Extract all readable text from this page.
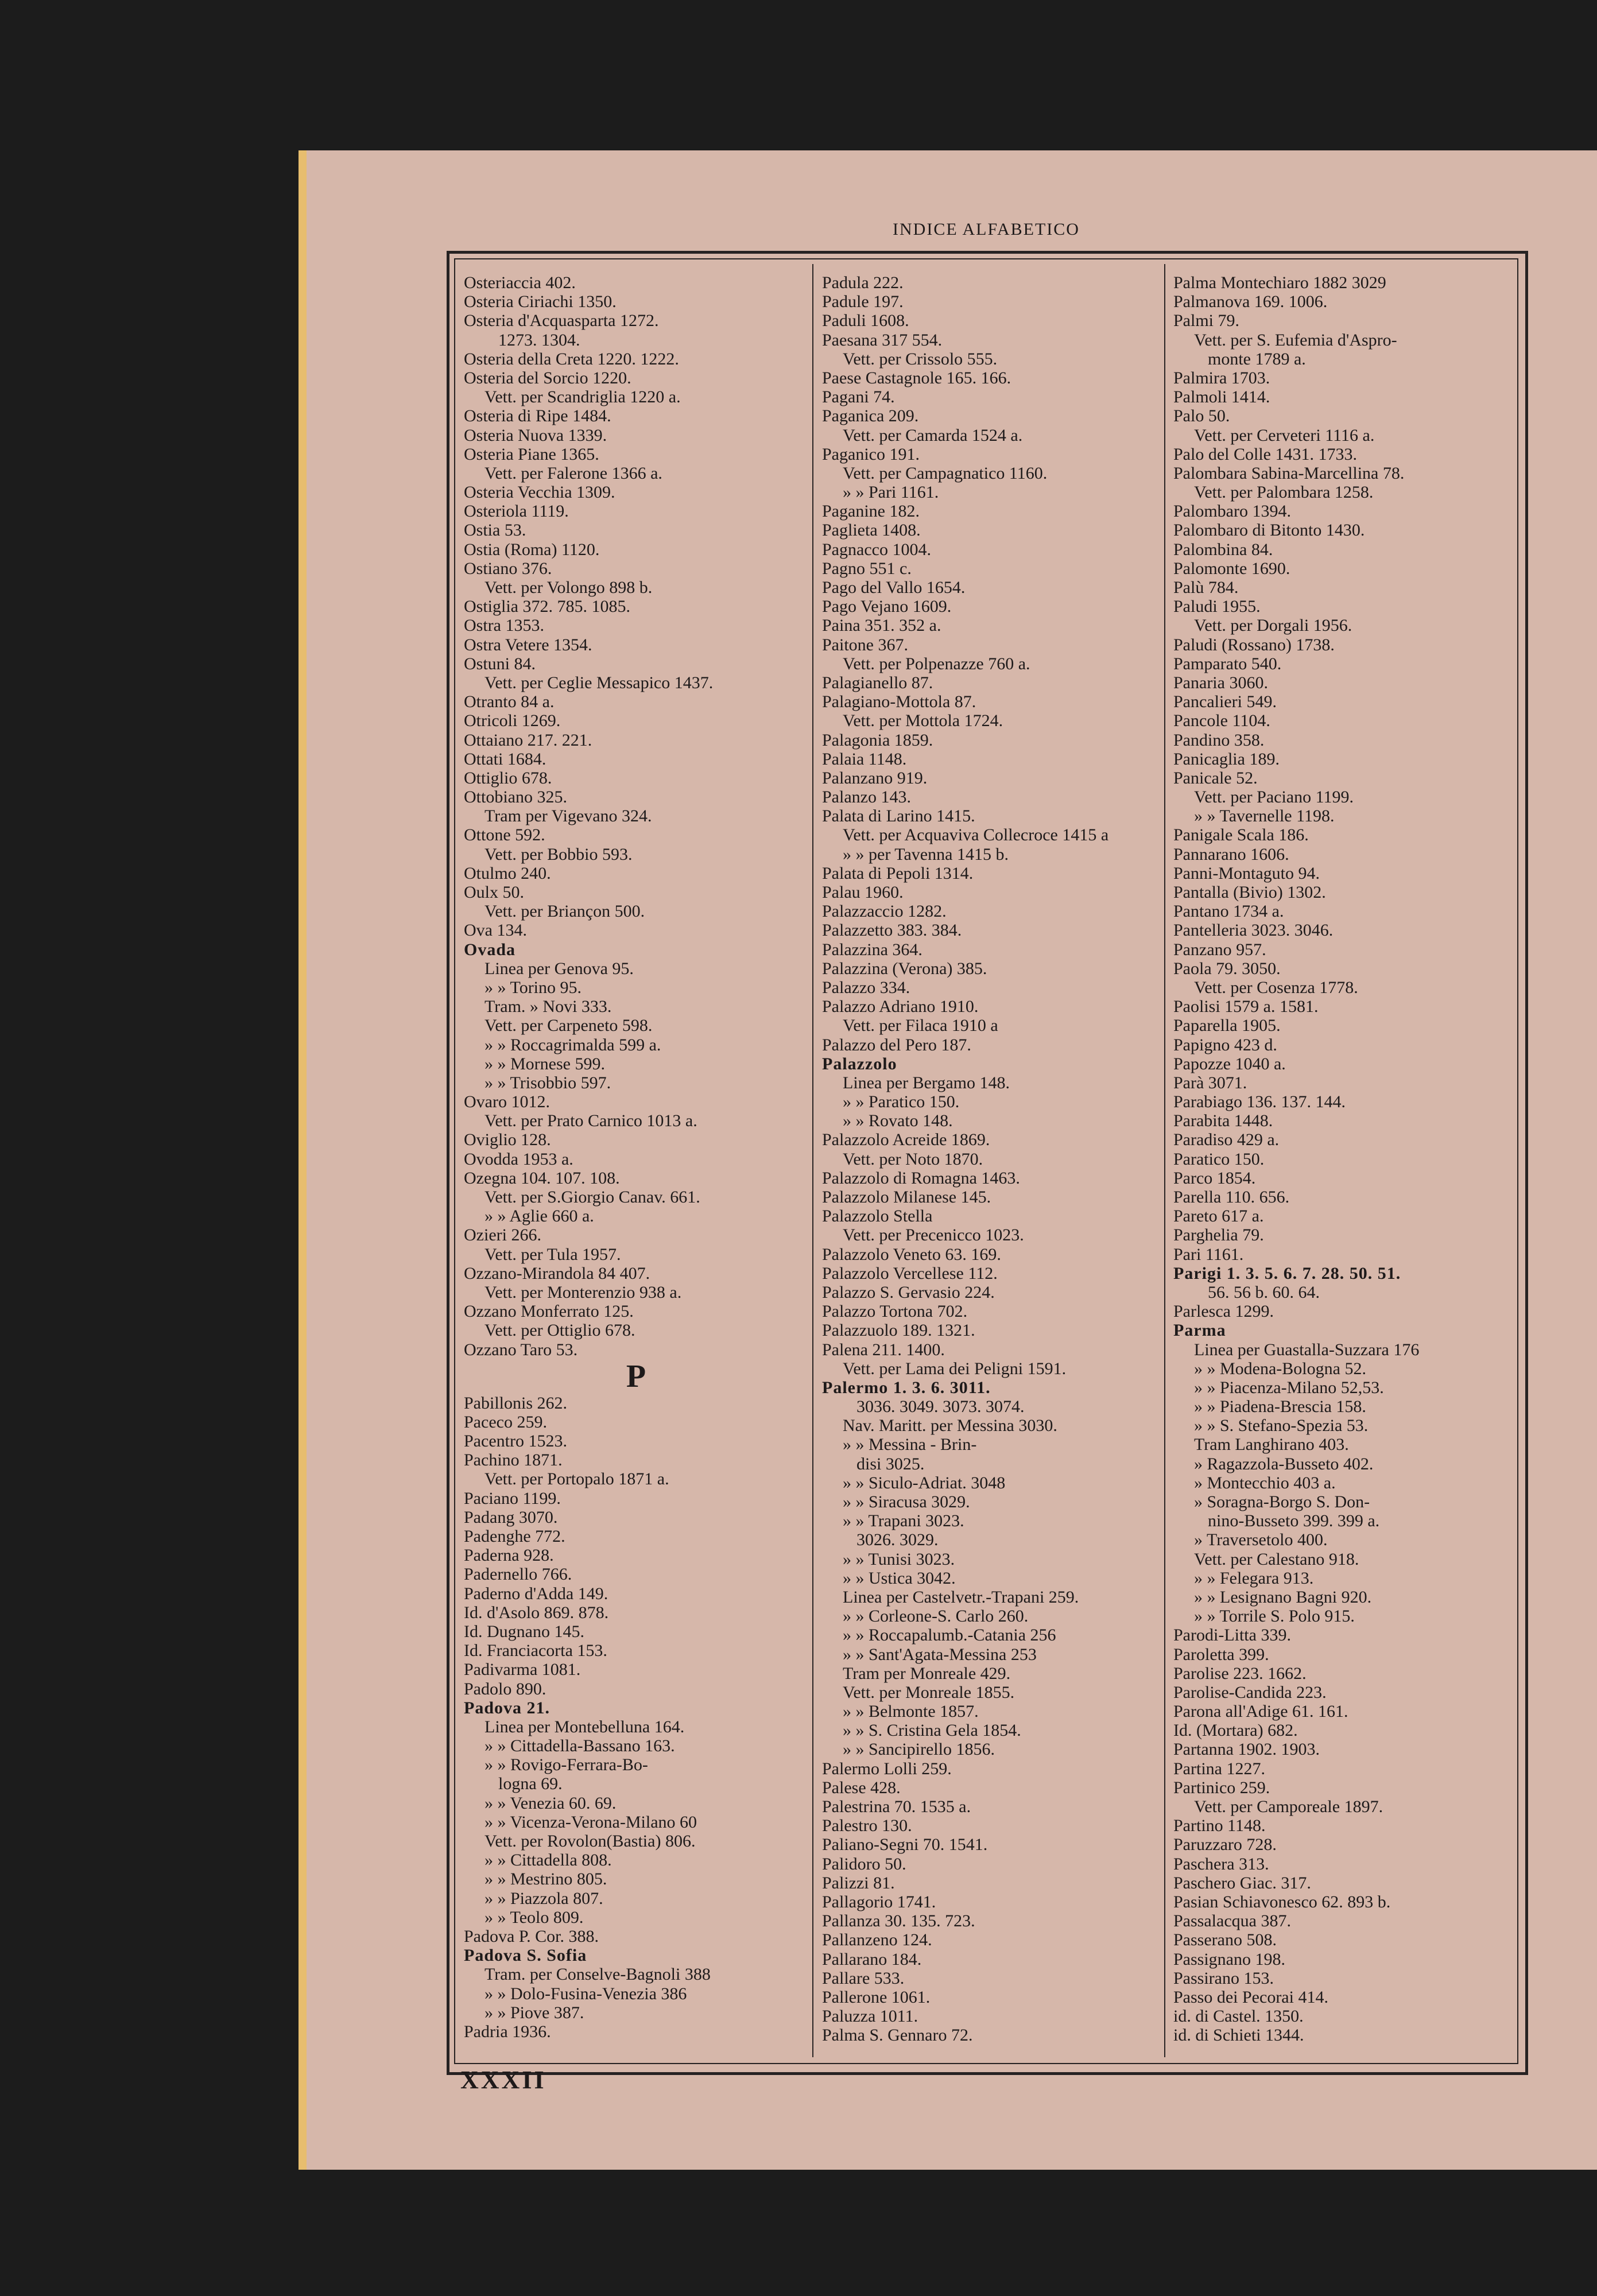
INDICE ALFABETICO
Osteriaccia 402.
Osteria Ciriachi 1350.
Osteria d'Acquasparta 1272.
1273. 1304.
Osteria della Creta 1220. 1222.
Osteria del Sorcio 1220.
Vett. per Scandriglia 1220 a.
Osteria di Ripe 1484.
Osteria Nuova 1339.
Osteria Piane 1365.
Vett. per Falerone 1366 a.
Osteria Vecchia 1309.
Osteriola 1119.
Ostia 53.
Ostia (Roma) 1120.
Ostiano 376.
Vett. per Volongo 898 b.
Ostiglia 372. 785. 1085.
Ostra 1353.
Ostra Vetere 1354.
Ostuni 84.
Vett. per Ceglie Messapico 1437.
Otranto 84 a.
Otricoli 1269.
Ottaiano 217. 221.
Ottati 1684.
Ottiglio 678.
Ottobiano 325.
Tram per Vigevano 324.
Ottone 592.
Vett. per Bobbio 593.
Otulmo 240.
Oulx 50.
Vett. per Briançon 500.
Ova 134.
Ovada
Linea per Genova 95.
» » Torino 95.
Tram. » Novi 333.
Vett. per Carpeneto 598.
» » Roccagrimalda 599 a.
» » Mornese 599.
» » Trisobbio 597.
Ovaro 1012.
Vett. per Prato Carnico 1013 a.
Oviglio 128.
Ovodda 1953 a.
Ozegna 104. 107. 108.
Vett. per S.Giorgio Canav. 661.
» » Aglie 660 a.
Ozieri 266.
Vett. per Tula 1957.
Ozzano-Mirandola 84 407.
Vett. per Monterenzio 938 a.
Ozzano Monferrato 125.
Vett. per Ottiglio 678.
Ozzano Taro 53.
P
Pabillonis 262.
Paceco 259.
Pacentro 1523.
Pachino 1871.
Vett. per Portopalo 1871 a.
Paciano 1199.
Padang 3070.
Padenghe 772.
Paderna 928.
Padernello 766.
Paderno d'Adda 149.
Id. d'Asolo 869. 878.
Id. Dugnano 145.
Id. Franciacorta 153.
Padivarma 1081.
Padolo 890.
Padova 21.
Linea per Montebelluna 164.
» » Cittadella-Bassano 163.
» » Rovigo-Ferrara-Bo-
logna 69.
» » Venezia 60. 69.
» » Vicenza-Verona-Milano 60
Vett. per Rovolon(Bastia) 806.
» » Cittadella 808.
» » Mestrino 805.
» » Piazzola 807.
» » Teolo 809.
Padova P. Cor. 388.
Padova S. Sofia
Tram. per Conselve-Bagnoli 388
» » Dolo-Fusina-Venezia 386
» » Piove 387.
Padria 1936.
Padula 222.
Padule 197.
Paduli 1608.
Paesana 317 554.
Vett. per Crissolo 555.
Paese Castagnole 165. 166.
Pagani 74.
Paganica 209.
Vett. per Camarda 1524 a.
Paganico 191.
Vett. per Campagnatico 1160.
» » Pari 1161.
Paganine 182.
Paglieta 1408.
Pagnacco 1004.
Pagno 551 c.
Pago del Vallo 1654.
Pago Vejano 1609.
Paina 351. 352 a.
Paitone 367.
Vett. per Polpenazze 760 a.
Palagianello 87.
Palagiano-Mottola 87.
Vett. per Mottola 1724.
Palagonia 1859.
Palaia 1148.
Palanzano 919.
Palanzo 143.
Palata di Larino 1415.
Vett. per Acquaviva Collecroce 1415 a
» » per Tavenna 1415 b.
Palata di Pepoli 1314.
Palau 1960.
Palazzaccio 1282.
Palazzetto 383. 384.
Palazzina 364.
Palazzina (Verona) 385.
Palazzo 334.
Palazzo Adriano 1910.
Vett. per Filaca 1910 a
Palazzo del Pero 187.
Palazzolo
Linea per Bergamo 148.
» » Paratico 150.
» » Rovato 148.
Palazzolo Acreide 1869.
Vett. per Noto 1870.
Palazzolo di Romagna 1463.
Palazzolo Milanese 145.
Palazzolo Stella
Vett. per Precenicco 1023.
Palazzolo Veneto 63. 169.
Palazzolo Vercellese 112.
Palazzo S. Gervasio 224.
Palazzo Tortona 702.
Palazzuolo 189. 1321.
Palena 211. 1400.
Vett. per Lama dei Peligni 1591.
Palermo 1. 3. 6. 3011.
3036. 3049. 3073. 3074.
Nav. Maritt. per Messina 3030.
» » Messina - Brin-
disi 3025.
» » Siculo-Adriat. 3048
» » Siracusa 3029.
» » Trapani 3023.
3026. 3029.
» » Tunisi 3023.
» » Ustica 3042.
Linea per Castelvetr.-Trapani 259.
» » Corleone-S. Carlo 260.
» » Roccapalumb.-Catania 256
» » Sant'Agata-Messina 253
Tram per Monreale 429.
Vett. per Monreale 1855.
» » Belmonte 1857.
» » S. Cristina Gela 1854.
» » Sancipirello 1856.
Palermo Lolli 259.
Palese 428.
Palestrina 70. 1535 a.
Palestro 130.
Paliano-Segni 70. 1541.
Palidoro 50.
Palizzi 81.
Pallagorio 1741.
Pallanza 30. 135. 723.
Pallanzeno 124.
Pallarano 184.
Pallare 533.
Pallerone 1061.
Paluzza 1011.
Palma S. Gennaro 72.
Palma Montechiaro 1882 3029
Palmanova 169. 1006.
Palmi 79.
Vett. per S. Eufemia d'Aspro-
monte 1789 a.
Palmira 1703.
Palmoli 1414.
Palo 50.
Vett. per Cerveteri 1116 a.
Palo del Colle 1431. 1733.
Palombara Sabina-Marcellina 78.
Vett. per Palombara 1258.
Palombaro 1394.
Palombaro di Bitonto 1430.
Palombina 84.
Palomonte 1690.
Palù 784.
Paludi 1955.
Vett. per Dorgali 1956.
Paludi (Rossano) 1738.
Pamparato 540.
Panaria 3060.
Pancalieri 549.
Pancole 1104.
Pandino 358.
Panicaglia 189.
Panicale 52.
Vett. per Paciano 1199.
» » Tavernelle 1198.
Panigale Scala 186.
Pannarano 1606.
Panni-Montaguto 94.
Pantalla (Bivio) 1302.
Pantano 1734 a.
Pantelleria 3023. 3046.
Panzano 957.
Paola 79. 3050.
Vett. per Cosenza 1778.
Paolisi 1579 a. 1581.
Paparella 1905.
Papigno 423 d.
Papozze 1040 a.
Parà 3071.
Parabiago 136. 137. 144.
Parabita 1448.
Paradiso 429 a.
Paratico 150.
Parco 1854.
Parella 110. 656.
Pareto 617 a.
Parghelia 79.
Pari 1161.
Parigi 1. 3. 5. 6. 7. 28. 50. 51.
56. 56 b. 60. 64.
Parlesca 1299.
Parma
Linea per Guastalla-Suzzara 176
» » Modena-Bologna 52.
» » Piacenza-Milano 52,53.
» » Piadena-Brescia 158.
» » S. Stefano-Spezia 53.
Tram Langhirano 403.
» Ragazzola-Busseto 402.
» Montecchio 403 a.
» Soragna-Borgo S. Don-
nino-Busseto 399. 399 a.
» Traversetolo 400.
Vett. per Calestano 918.
» » Felegara 913.
» » Lesignano Bagni 920.
» » Torrile S. Polo 915.
Parodi-Litta 339.
Paroletta 399.
Parolise 223. 1662.
Parolise-Candida 223.
Parona all'Adige 61. 161.
Id. (Mortara) 682.
Partanna 1902. 1903.
Partina 1227.
Partinico 259.
Vett. per Camporeale 1897.
Partino 1148.
Paruzzaro 728.
Paschera 313.
Paschero Giac. 317.
Pasian Schiavonesco 62. 893 b.
Passalacqua 387.
Passerano 508.
Passignano 198.
Passirano 153.
Passo dei Pecorai 414.
id. di Castel. 1350.
id. di Schieti 1344.
XXXII
